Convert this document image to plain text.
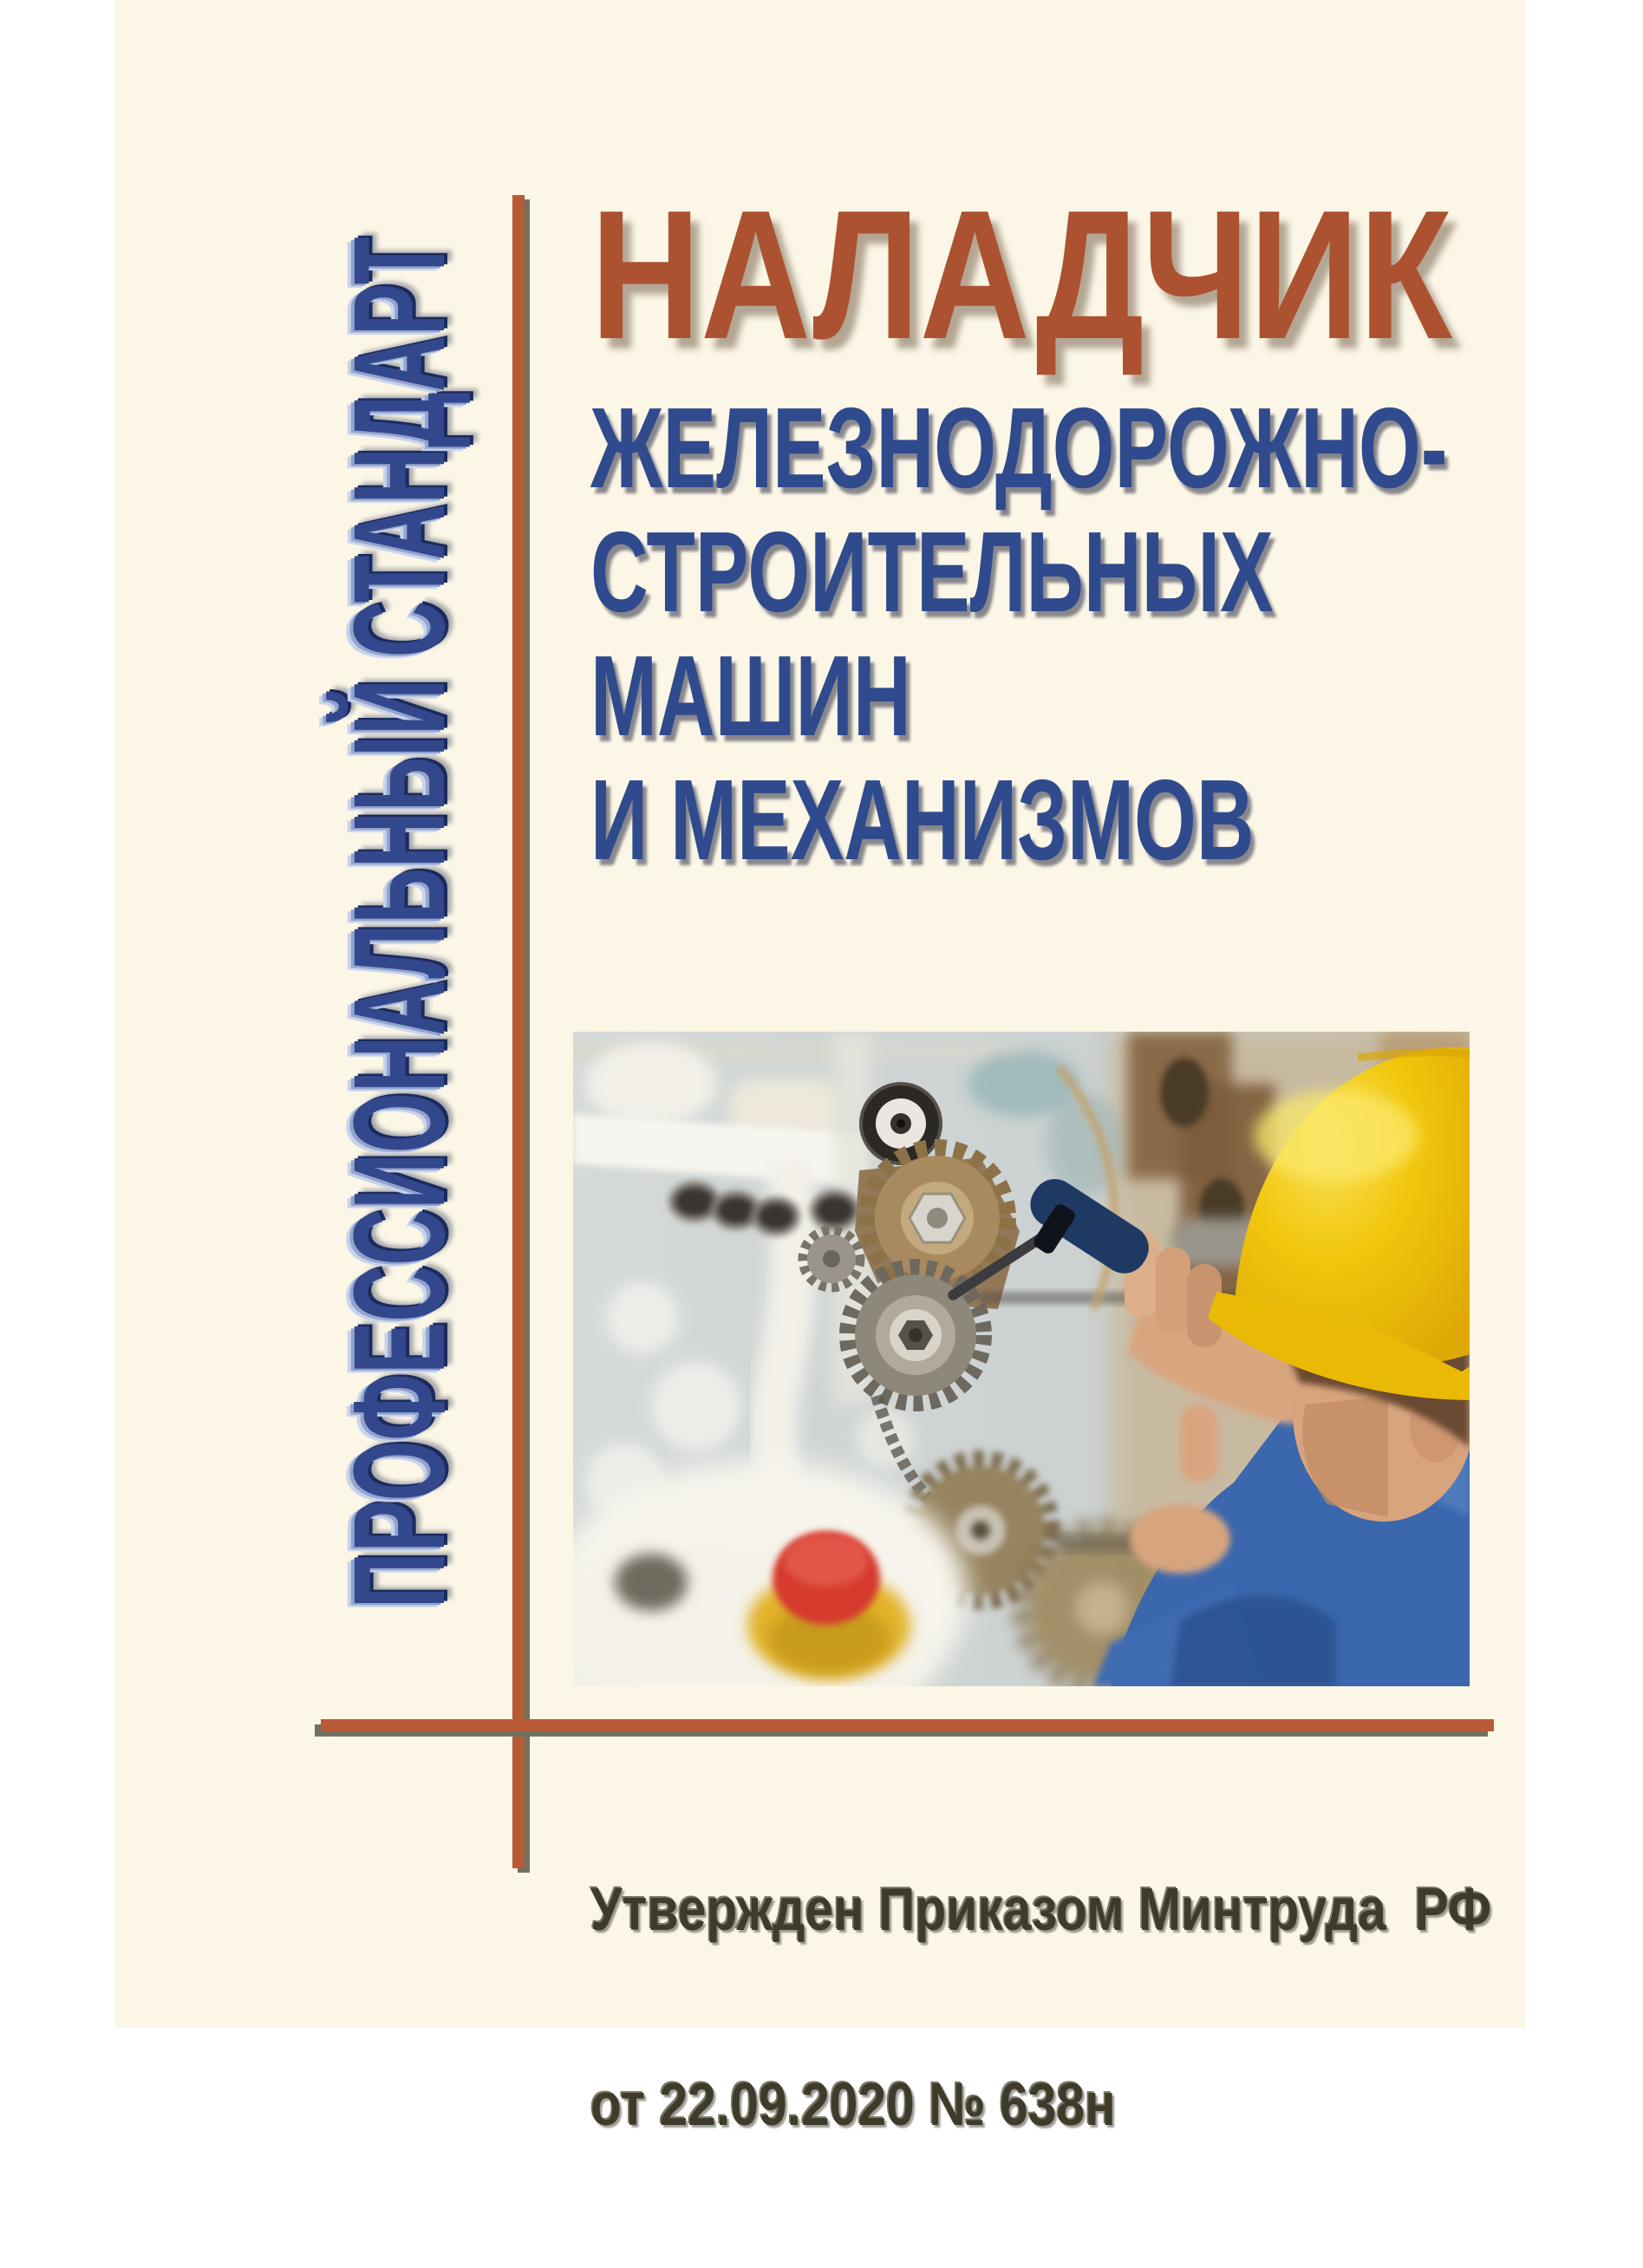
ПРОФЕССИОНАЛЬНЫЙ СТАНДАРТ НАЛАДЧИК
ЖЕЛЕЗНОДОРОЖНО-
СТРОИТЕЛЬНЫХ
МАШИН
И МЕХАНИЗМОВ

Утвержден Приказом Минтруда  РФ

от 22.09.2020 № 638н
